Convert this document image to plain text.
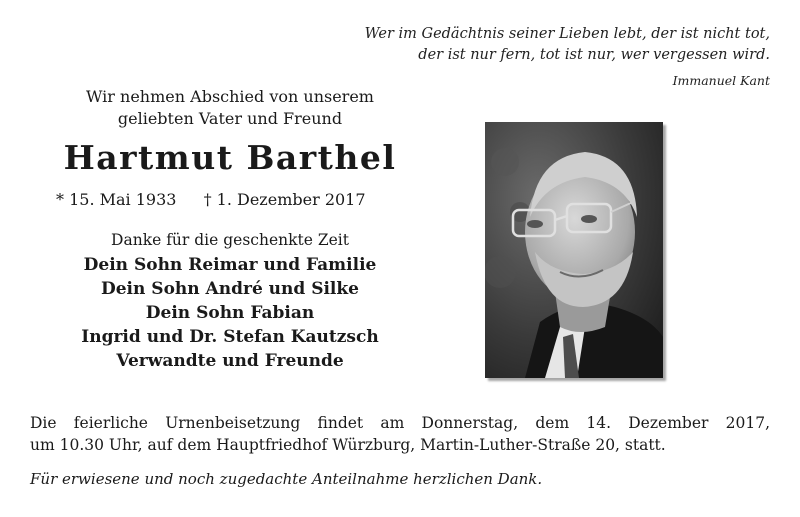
Wer im Gedächtnis seiner Lieben lebt, der ist nicht tot,
der ist nur fern, tot ist nur, wer vergessen wird.
Immanuel Kant
Wir nehmen Abschied von unserem
geliebten Vater und Freund
Hartmut Barthel
* 15. Mai 1933 † 1. Dezember 2017
Danke für die geschenkte Zeit
Dein Sohn Reimar und Familie
Dein Sohn André und Silke
Dein Sohn Fabian
Ingrid und Dr. Stefan Kautzsch
Verwandte und Freunde
Die feierliche Urnenbeisetzung findet am Donnerstag, dem 14. Dezember 2017,
um 10.30 Uhr, auf dem Hauptfriedhof Würzburg, Martin-Luther-Straße 20, statt.
Für erwiesene und noch zugedachte Anteilnahme herzlichen Dank.
